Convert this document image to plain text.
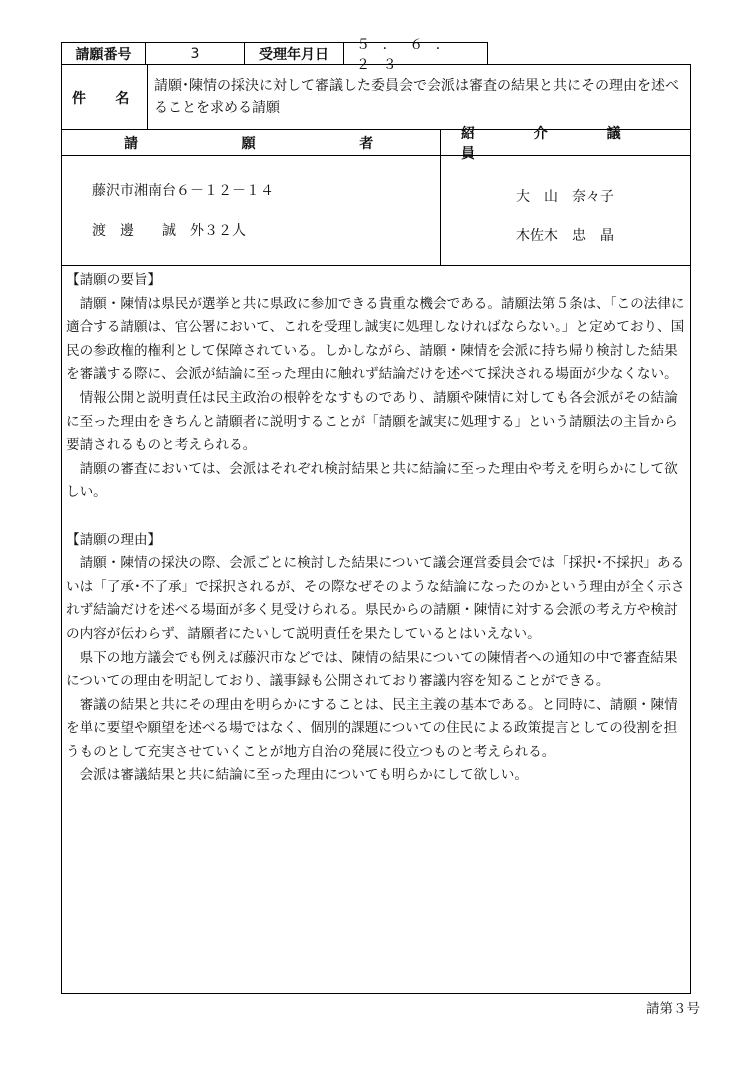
請願番号	3	受理年月日
５．６．２３
件　名
請願･陳情の採決に対して審議した委員会で会派は審査の結果と共にその理由を述べることを求める請願
請　願　者
紹　介　議　員
藤沢市湘南台６－１２－１４
渡　邊　　誠　外３２人
大　山　奈々子
木佐木　忠　晶

【請願の要旨】

請願・陳情は県民が選挙と共に県政に参加できる貴重な機会である。請願法第５条は、「この法律に適合する請願は、官公署において、これを受理し誠実に処理しなければならない。」と定めており、国民の参政権的権利として保障されている。しかしながら、請願・陳情を会派に持ち帰り検討した結果を審議する際に、会派が結論に至った理由に触れず結論だけを述べて採決される場面が少なくない。

情報公開と説明責任は民主政治の根幹をなすものであり、請願や陳情に対しても各会派がその結論に至った理由をきちんと請願者に説明することが「請願を誠実に処理する」という請願法の主旨から要請されるものと考えられる。

請願の審査においては、会派はそれぞれ検討結果と共に結論に至った理由や考えを明らかにして欲しい。

【請願の理由】

請願・陳情の採決の際、会派ごとに検討した結果について議会運営委員会では「採択･不採択」あるいは「了承･不了承」で採択されるが、その際なぜそのような結論になったのかという理由が全く示されず結論だけを述べる場面が多く見受けられる。県民からの請願・陳情に対する会派の考え方や検討の内容が伝わらず、請願者にたいして説明責任を果たしているとはいえない。

県下の地方議会でも例えば藤沢市などでは、陳情の結果についての陳情者への通知の中で審査結果についての理由を明記しており、議事録も公開されており審議内容を知ることができる。

審議の結果と共にその理由を明らかにすることは、民主主義の基本である。と同時に、請願・陳情を単に要望や願望を述べる場ではなく、個別的課題についての住民による政策提言としての役割を担うものとして充実させていくことが地方自治の発展に役立つものと考えられる。

会派は審議結果と共に結論に至った理由についても明らかにして欲しい。

請第３号
